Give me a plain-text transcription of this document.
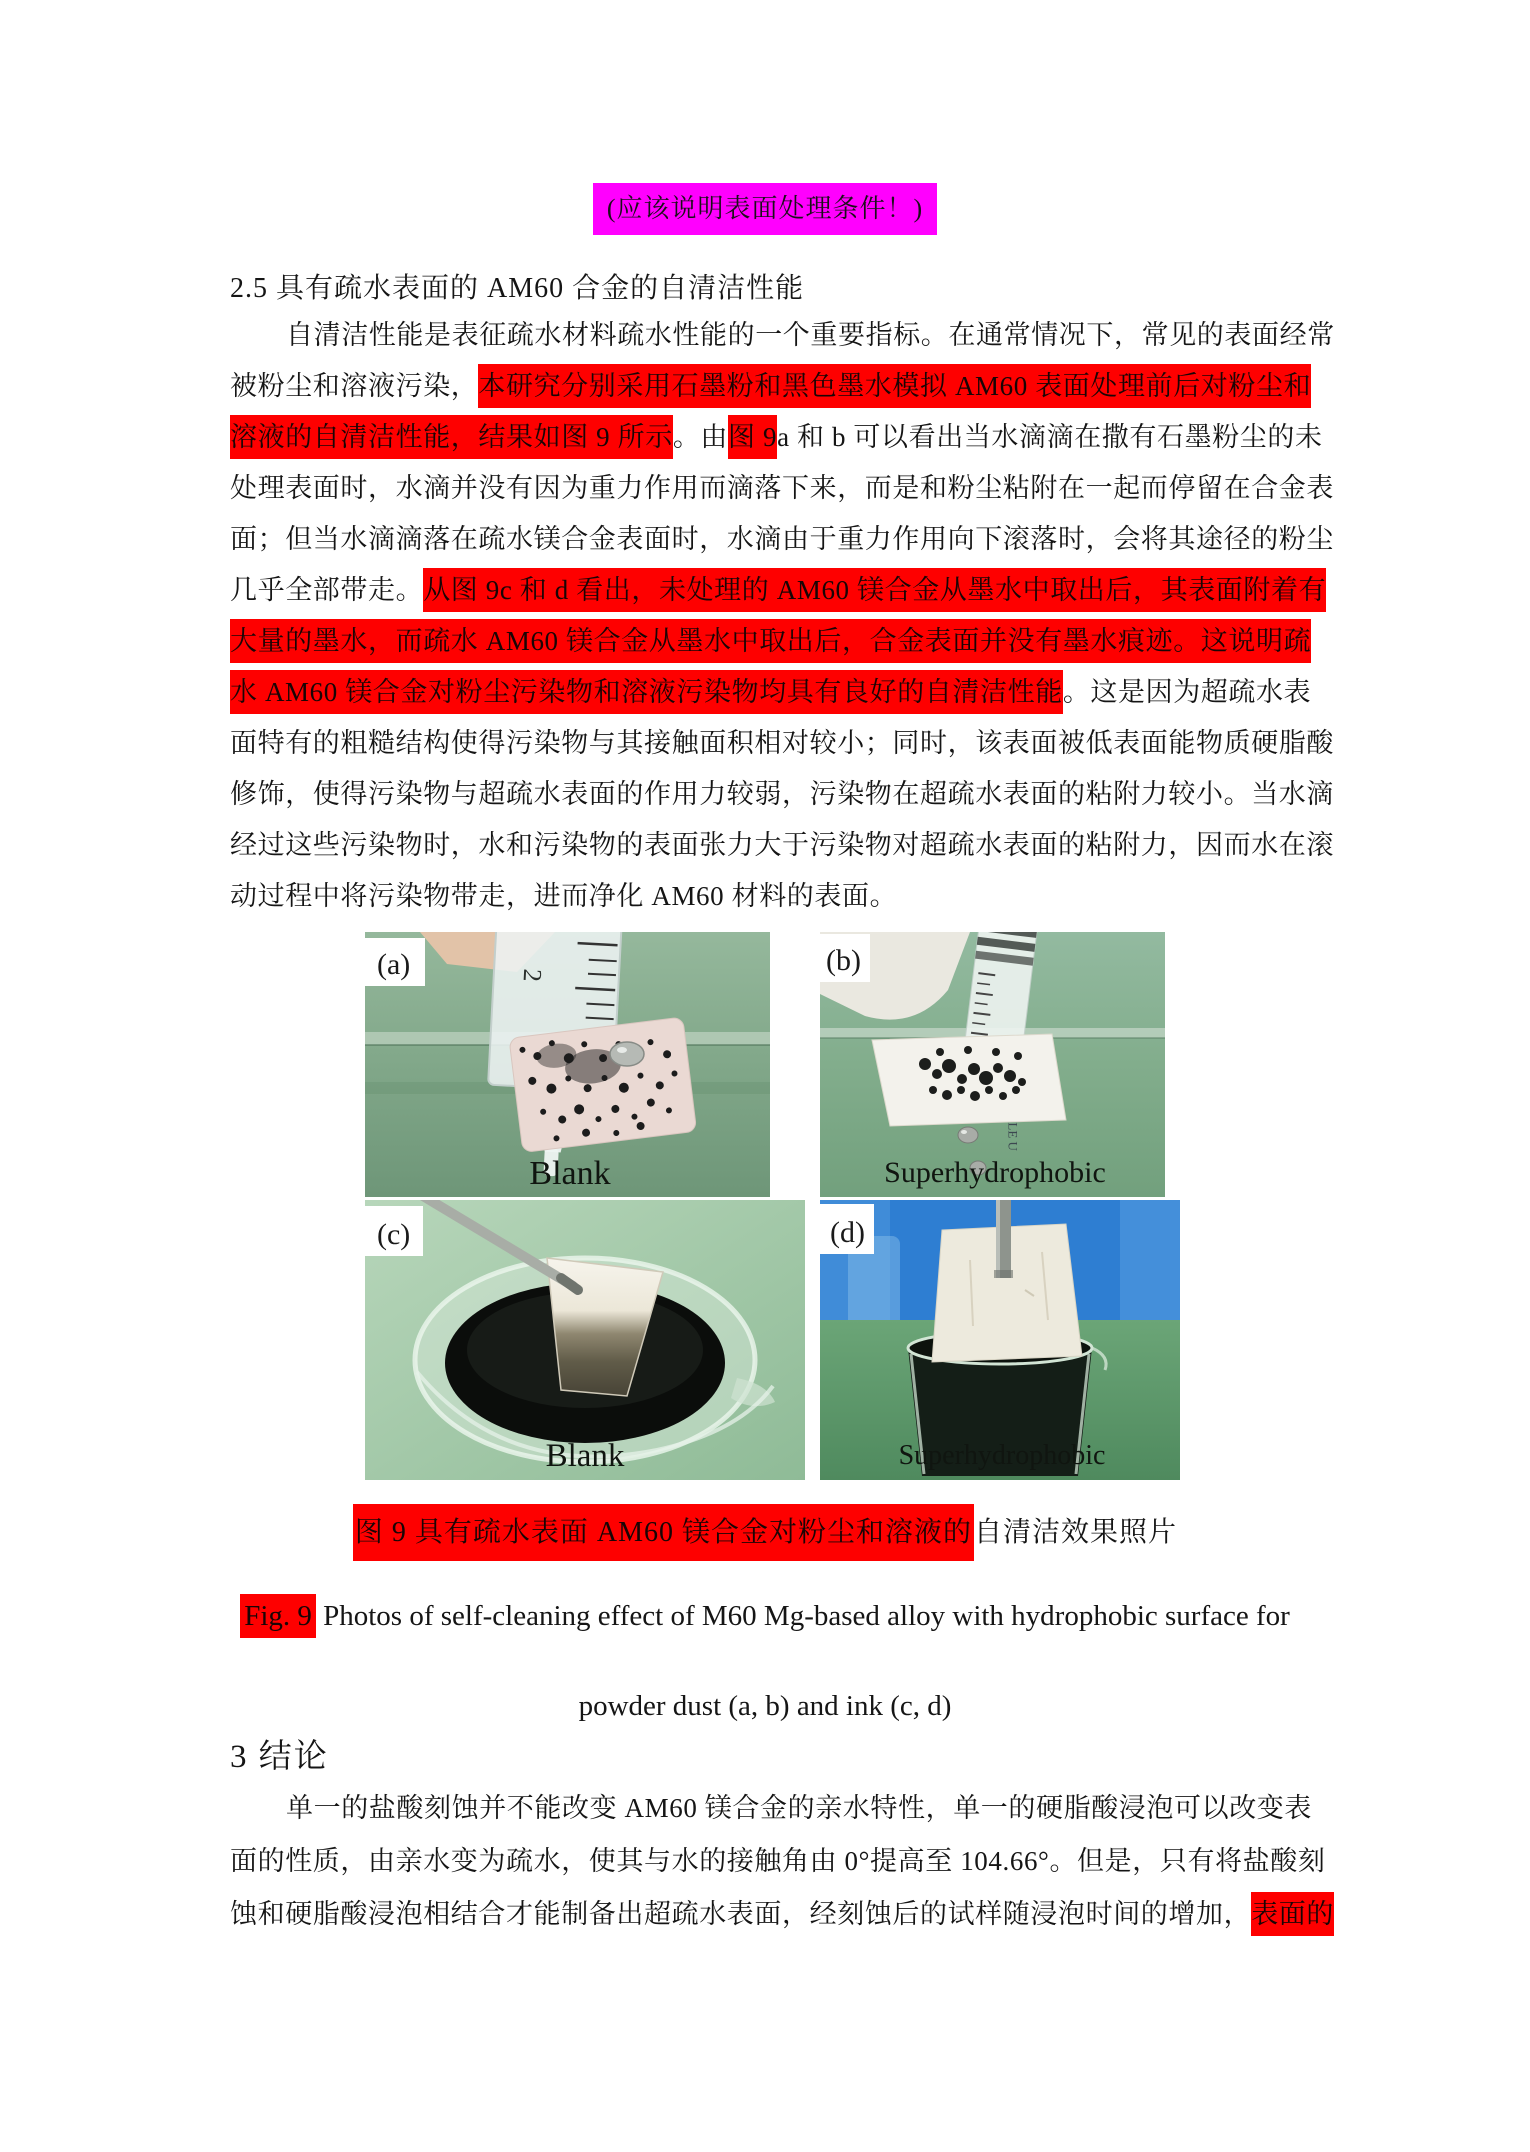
(应该说明表面处理条件！)
2.5 具有疏水表面的 AM60 合金的自清洁性能
自清洁性能是表征疏水材料疏水性能的一个重要指标。在通常情况下，常见的表面经常
被粉尘和溶液污染，本研究分别采用石墨粉和黑色墨水模拟 AM60 表面处理前后对粉尘和
溶液的自清洁性能，结果如图 9 所示。由图 9a 和 b 可以看出当水滴滴在撒有石墨粉尘的未
处理表面时，水滴并没有因为重力作用而滴落下来，而是和粉尘粘附在一起而停留在合金表
面；但当水滴滴落在疏水镁合金表面时，水滴由于重力作用向下滚落时，会将其途径的粉尘
几乎全部带走。从图 9c 和 d 看出，未处理的 AM60 镁合金从墨水中取出后，其表面附着有
大量的墨水，而疏水 AM60 镁合金从墨水中取出后，合金表面并没有墨水痕迹。这说明疏
水 AM60 镁合金对粉尘污染物和溶液污染物均具有良好的自清洁性能。这是因为超疏水表
面特有的粗糙结构使得污染物与其接触面积相对较小；同时，该表面被低表面能物质硬脂酸
修饰，使得污染物与超疏水表面的作用力较弱，污染物在超疏水表面的粘附力较小。当水滴
经过这些污染物时，水和污染物的表面张力大于污染物对超疏水表面的粘附力，因而水在滚
动过程中将污染物带走，进而净化 AM60 材料的表面。
2
(a)
Blank
(b)
Superhydrophobic
(c)
Blank
(d)
Superhydrophobic
图 9 具有疏水表面 AM60 镁合金对粉尘和溶液的自清洁效果照片
Fig. 9 Photos of self-cleaning effect of M60 Mg-based alloy with hydrophobic surface for
powder dust (a, b) and ink (c, d)
3 结论
单一的盐酸刻蚀并不能改变 AM60 镁合金的亲水特性，单一的硬脂酸浸泡可以改变表
面的性质，由亲水变为疏水，使其与水的接触角由 0°提高至 104.66°。但是，只有将盐酸刻
蚀和硬脂酸浸泡相结合才能制备出超疏水表面，经刻蚀后的试样随浸泡时间的增加，表面的
